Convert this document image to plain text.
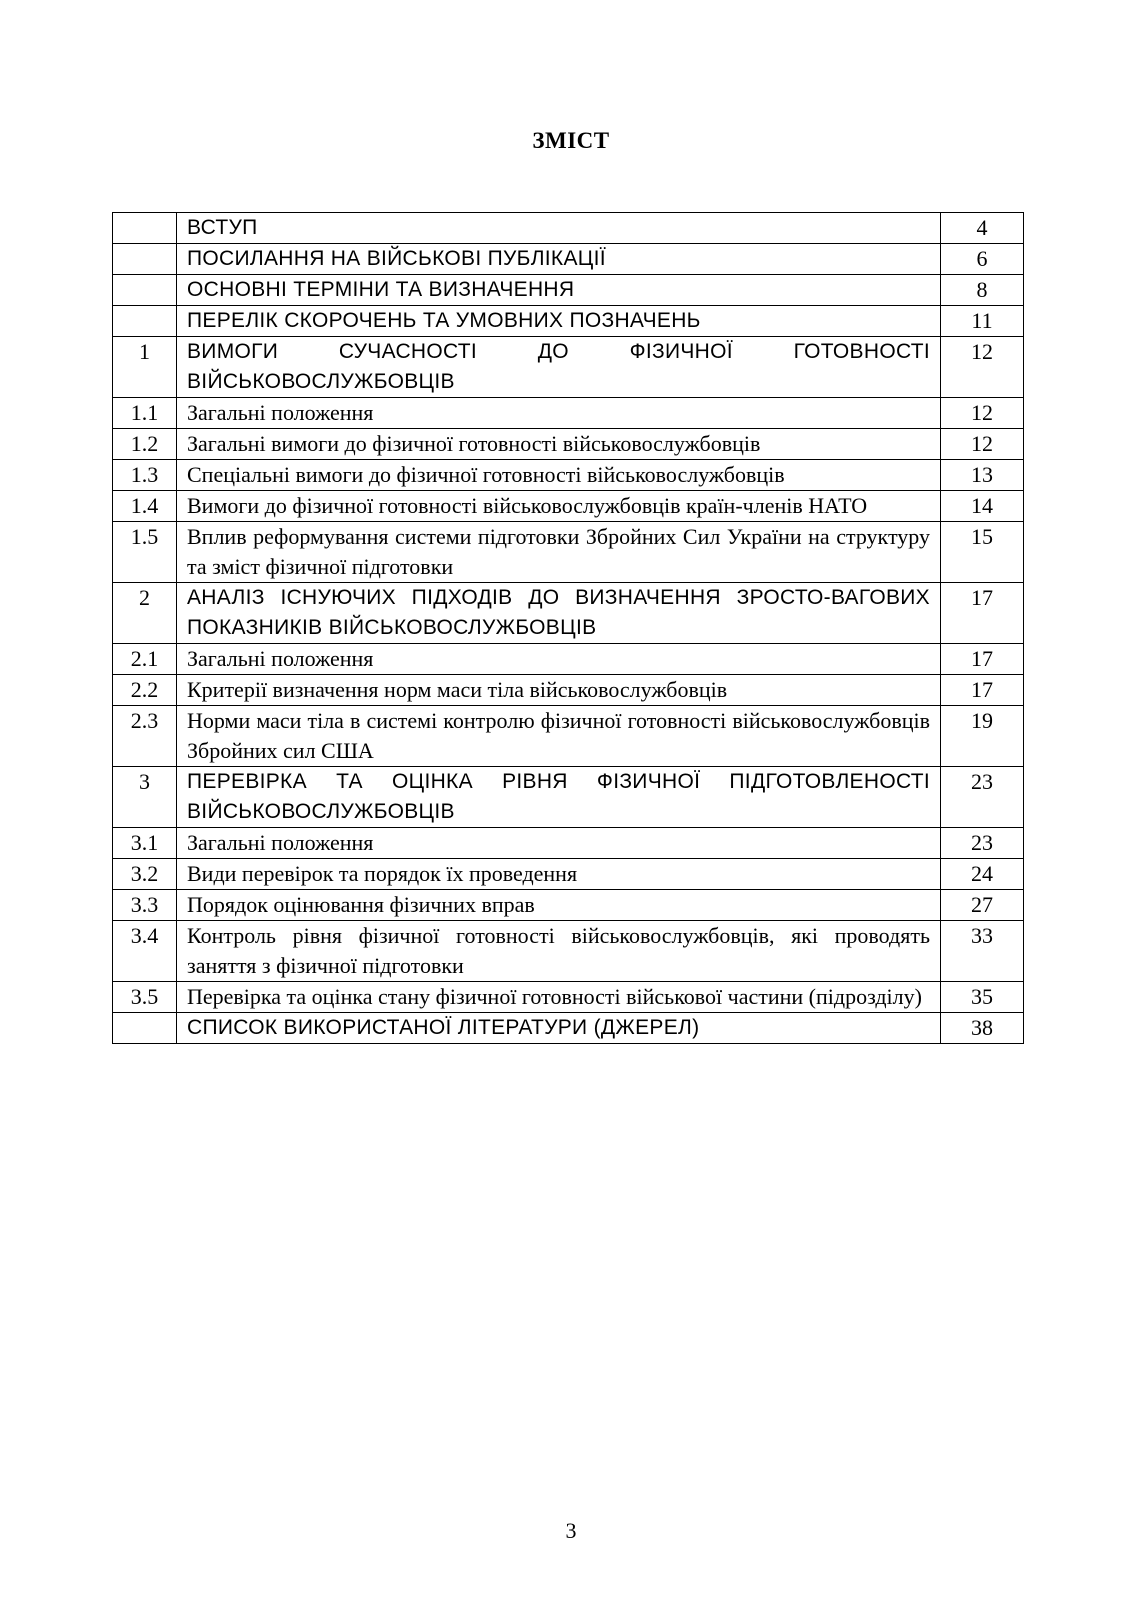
ЗМІСТ
	ВСТУП	4
	ПОСИЛАННЯ НА ВІЙСЬКОВІ ПУБЛІКАЦІЇ	6
	ОСНОВНІ ТЕРМІНИ ТА ВИЗНАЧЕННЯ	8
	ПЕРЕЛІК СКОРОЧЕНЬ ТА УМОВНИХ ПОЗНАЧЕНЬ	11
1	ВИМОГИ СУЧАСНОСТІ ДО ФІЗИЧНОЇ ГОТОВНОСТІ ВІЙСЬКОВОСЛУЖБОВЦІВ	12
1.1	Загальні положення	12
1.2	Загальні вимоги до фізичної готовності військовослужбовців	12
1.3	Спеціальні вимоги до фізичної готовності військовослужбовців	13
1.4	Вимоги до фізичної готовності військовослужбовців країн-членів НАТО	14
1.5	Вплив реформування системи підготовки Збройних Сил України на структуру та зміст фізичної підготовки	15
2	АНАЛІЗ ІСНУЮЧИХ ПІДХОДІВ ДО ВИЗНАЧЕННЯ ЗРОСТО-ВАГОВИХ ПОКАЗНИКІВ ВІЙСЬКОВОСЛУЖБОВЦІВ	17
2.1	Загальні положення	17
2.2	Критерії визначення норм маси тіла військовослужбовців	17
2.3	Норми маси тіла в системі контролю фізичної готовності військовослужбовців Збройних сил США	19
3	ПЕРЕВІРКА ТА ОЦІНКА РІВНЯ ФІЗИЧНОЇ ПІДГОТОВЛЕНОСТІ ВІЙСЬКОВОСЛУЖБОВЦІВ	23
3.1	Загальні положення	23
3.2	Види перевірок та порядок їх проведення	24
3.3	Порядок оцінювання фізичних вправ	27
3.4	Контроль рівня фізичної готовності військовослужбовців, які проводять заняття з фізичної підготовки	33
3.5	Перевірка та оцінка стану фізичної готовності військової частини (підрозділу)	35
	СПИСОК ВИКОРИСТАНОЇ ЛІТЕРАТУРИ (ДЖЕРЕЛ)	38
3
